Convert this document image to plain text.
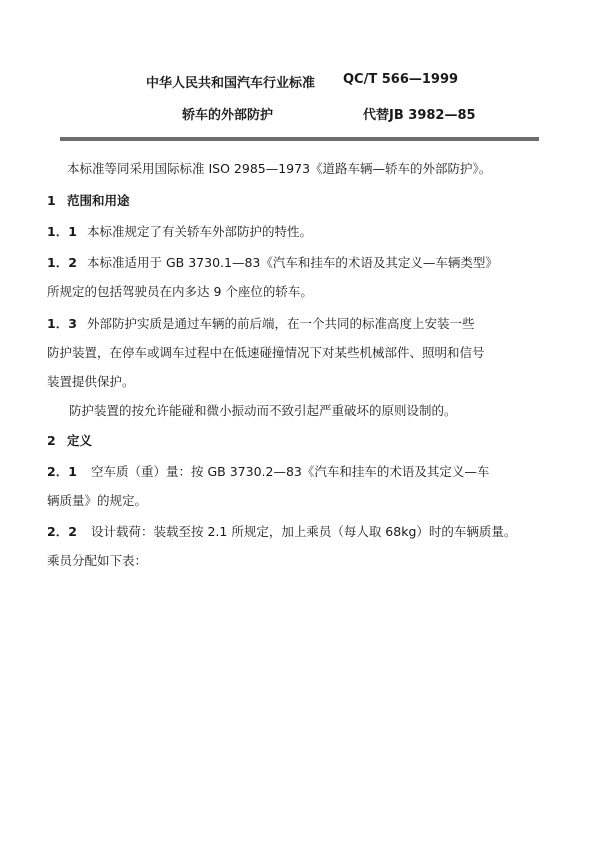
中华人民共和国汽车行业标准 QC/T 566—1999
轿车的外部防护	代替JB 3982—85
本标准等同采用国际标准 ISO 2985—1973《道路车辆—轿车的外部防护》。
1 范围和用途
1．1 本标准规定了有关轿车外部防护的特性。
1．2 本标准适用于 GB 3730.1—83《汽车和挂车的术语及其定义—车辆类型》
所规定的包括驾驶员在内多达 9 个座位的轿车。
1．3 外部防护实质是通过车辆的前后端，在一个共同的标准高度上安装一些
防护装置，在停车或调车过程中在低速碰撞情况下对某些机械部件、照明和信号
装置提供保护。
防护装置的按允许能碰和微小振动而不致引起严重破坏的原则设制的。
2 定义
2．1 空车质（重）量：按 GB 3730.2—83《汽车和挂车的术语及其定义—车
辆质量》的规定。
2．2 设计载荷：装载至按 2.1 所规定，加上乘员（每人取 68kg）时的车辆质量。
乘员分配如下表：
